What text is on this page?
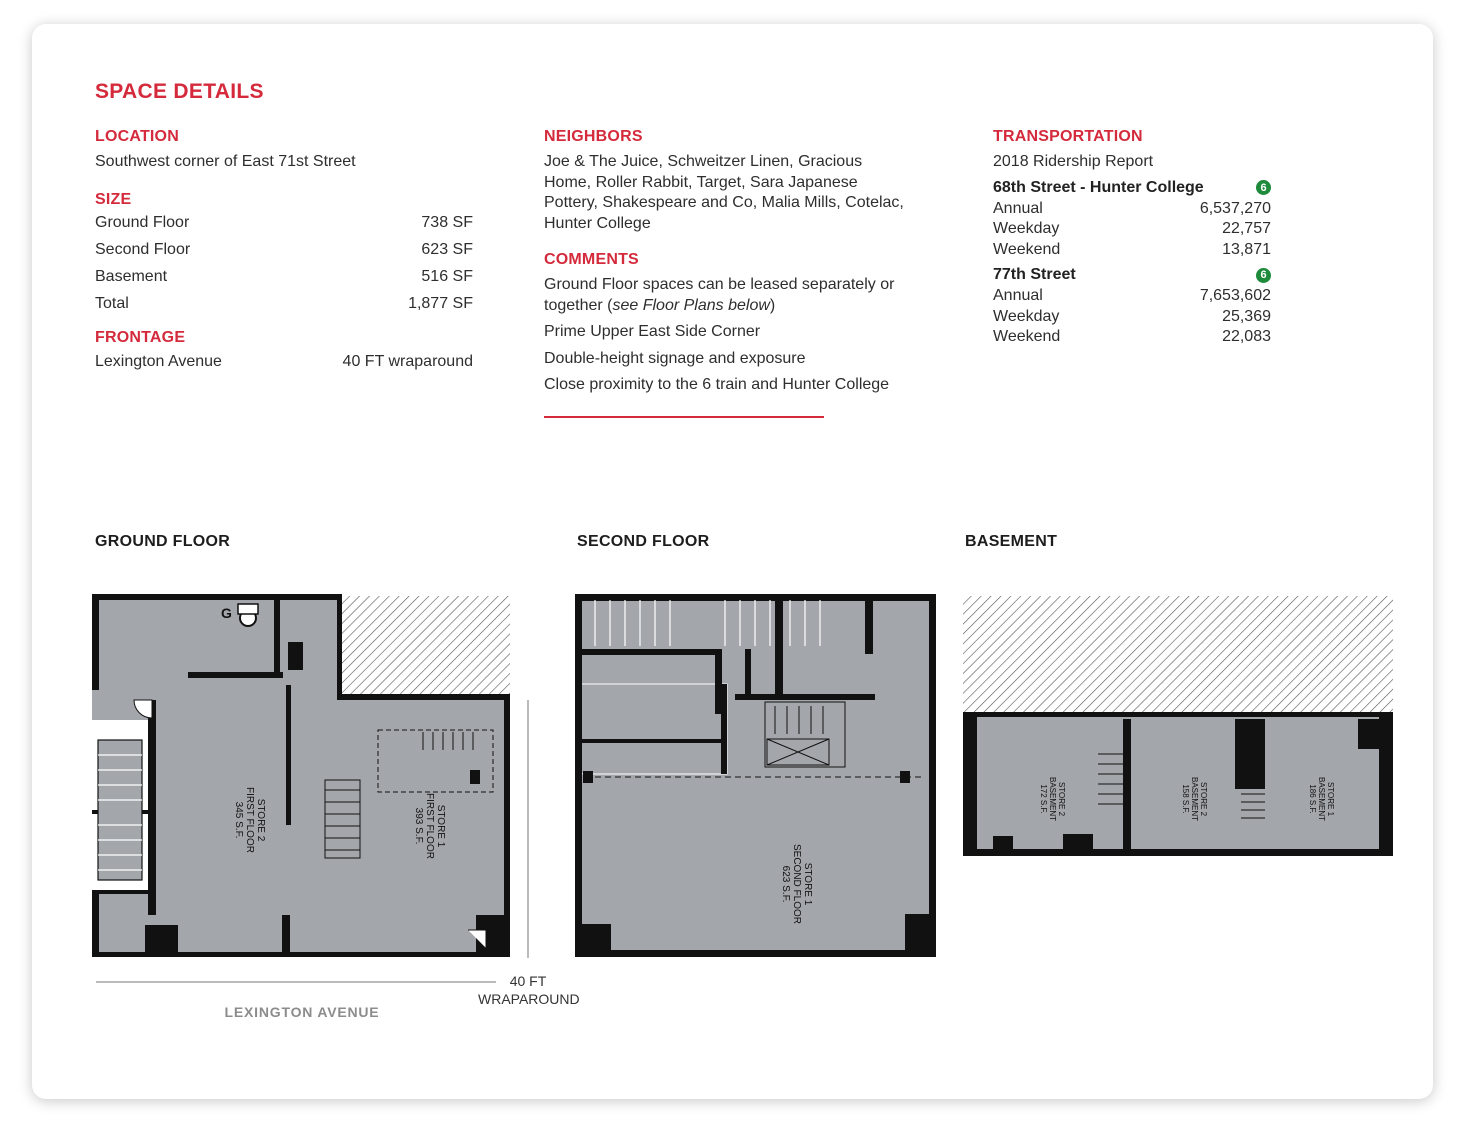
SPACE DETAILS
LOCATION
Southwest corner of East 71st Street
SIZE
Ground Floor	738 SF
Second Floor	623 SF
Basement	516 SF
Total	1,877 SF
FRONTAGE
Lexington Avenue	40 FT wraparound
NEIGHBORS
Joe & The Juice, Schweitzer Linen, Gracious
Home, Roller Rabbit, Target, Sara Japanese
Pottery, Shakespeare and Co, Malia Mills, Cotelac,
Hunter College
COMMENTS
Ground Floor spaces can be leased separately or
together (see Floor Plans below)
Prime Upper East Side Corner
Double-height signage and exposure
Close proximity to the 6 train and Hunter College
TRANSPORTATION
2018 Ridership Report
68th Street - Hunter College	6
Annual	6,537,270
Weekday	22,757
Weekend	13,871
77th Street	6
Annual	7,653,602
Weekday	25,369
Weekend	22,083
GROUND FLOOR	SECOND FLOOR	BASEMENT
G
STORE 2
FIRST FLOOR
345 S.F.	STORE 1
FIRST FLOOR
393 S.F.
40 FT
WRAPAROUND
LEXINGTON AVENUE
STORE 1
SECOND FLOOR
623 S.F.
STORE 2
BASEMENT
172 S.F.	STORE 2
BASEMENT
158 S.F.	STORE 1
BASEMENT
186 S.F.
